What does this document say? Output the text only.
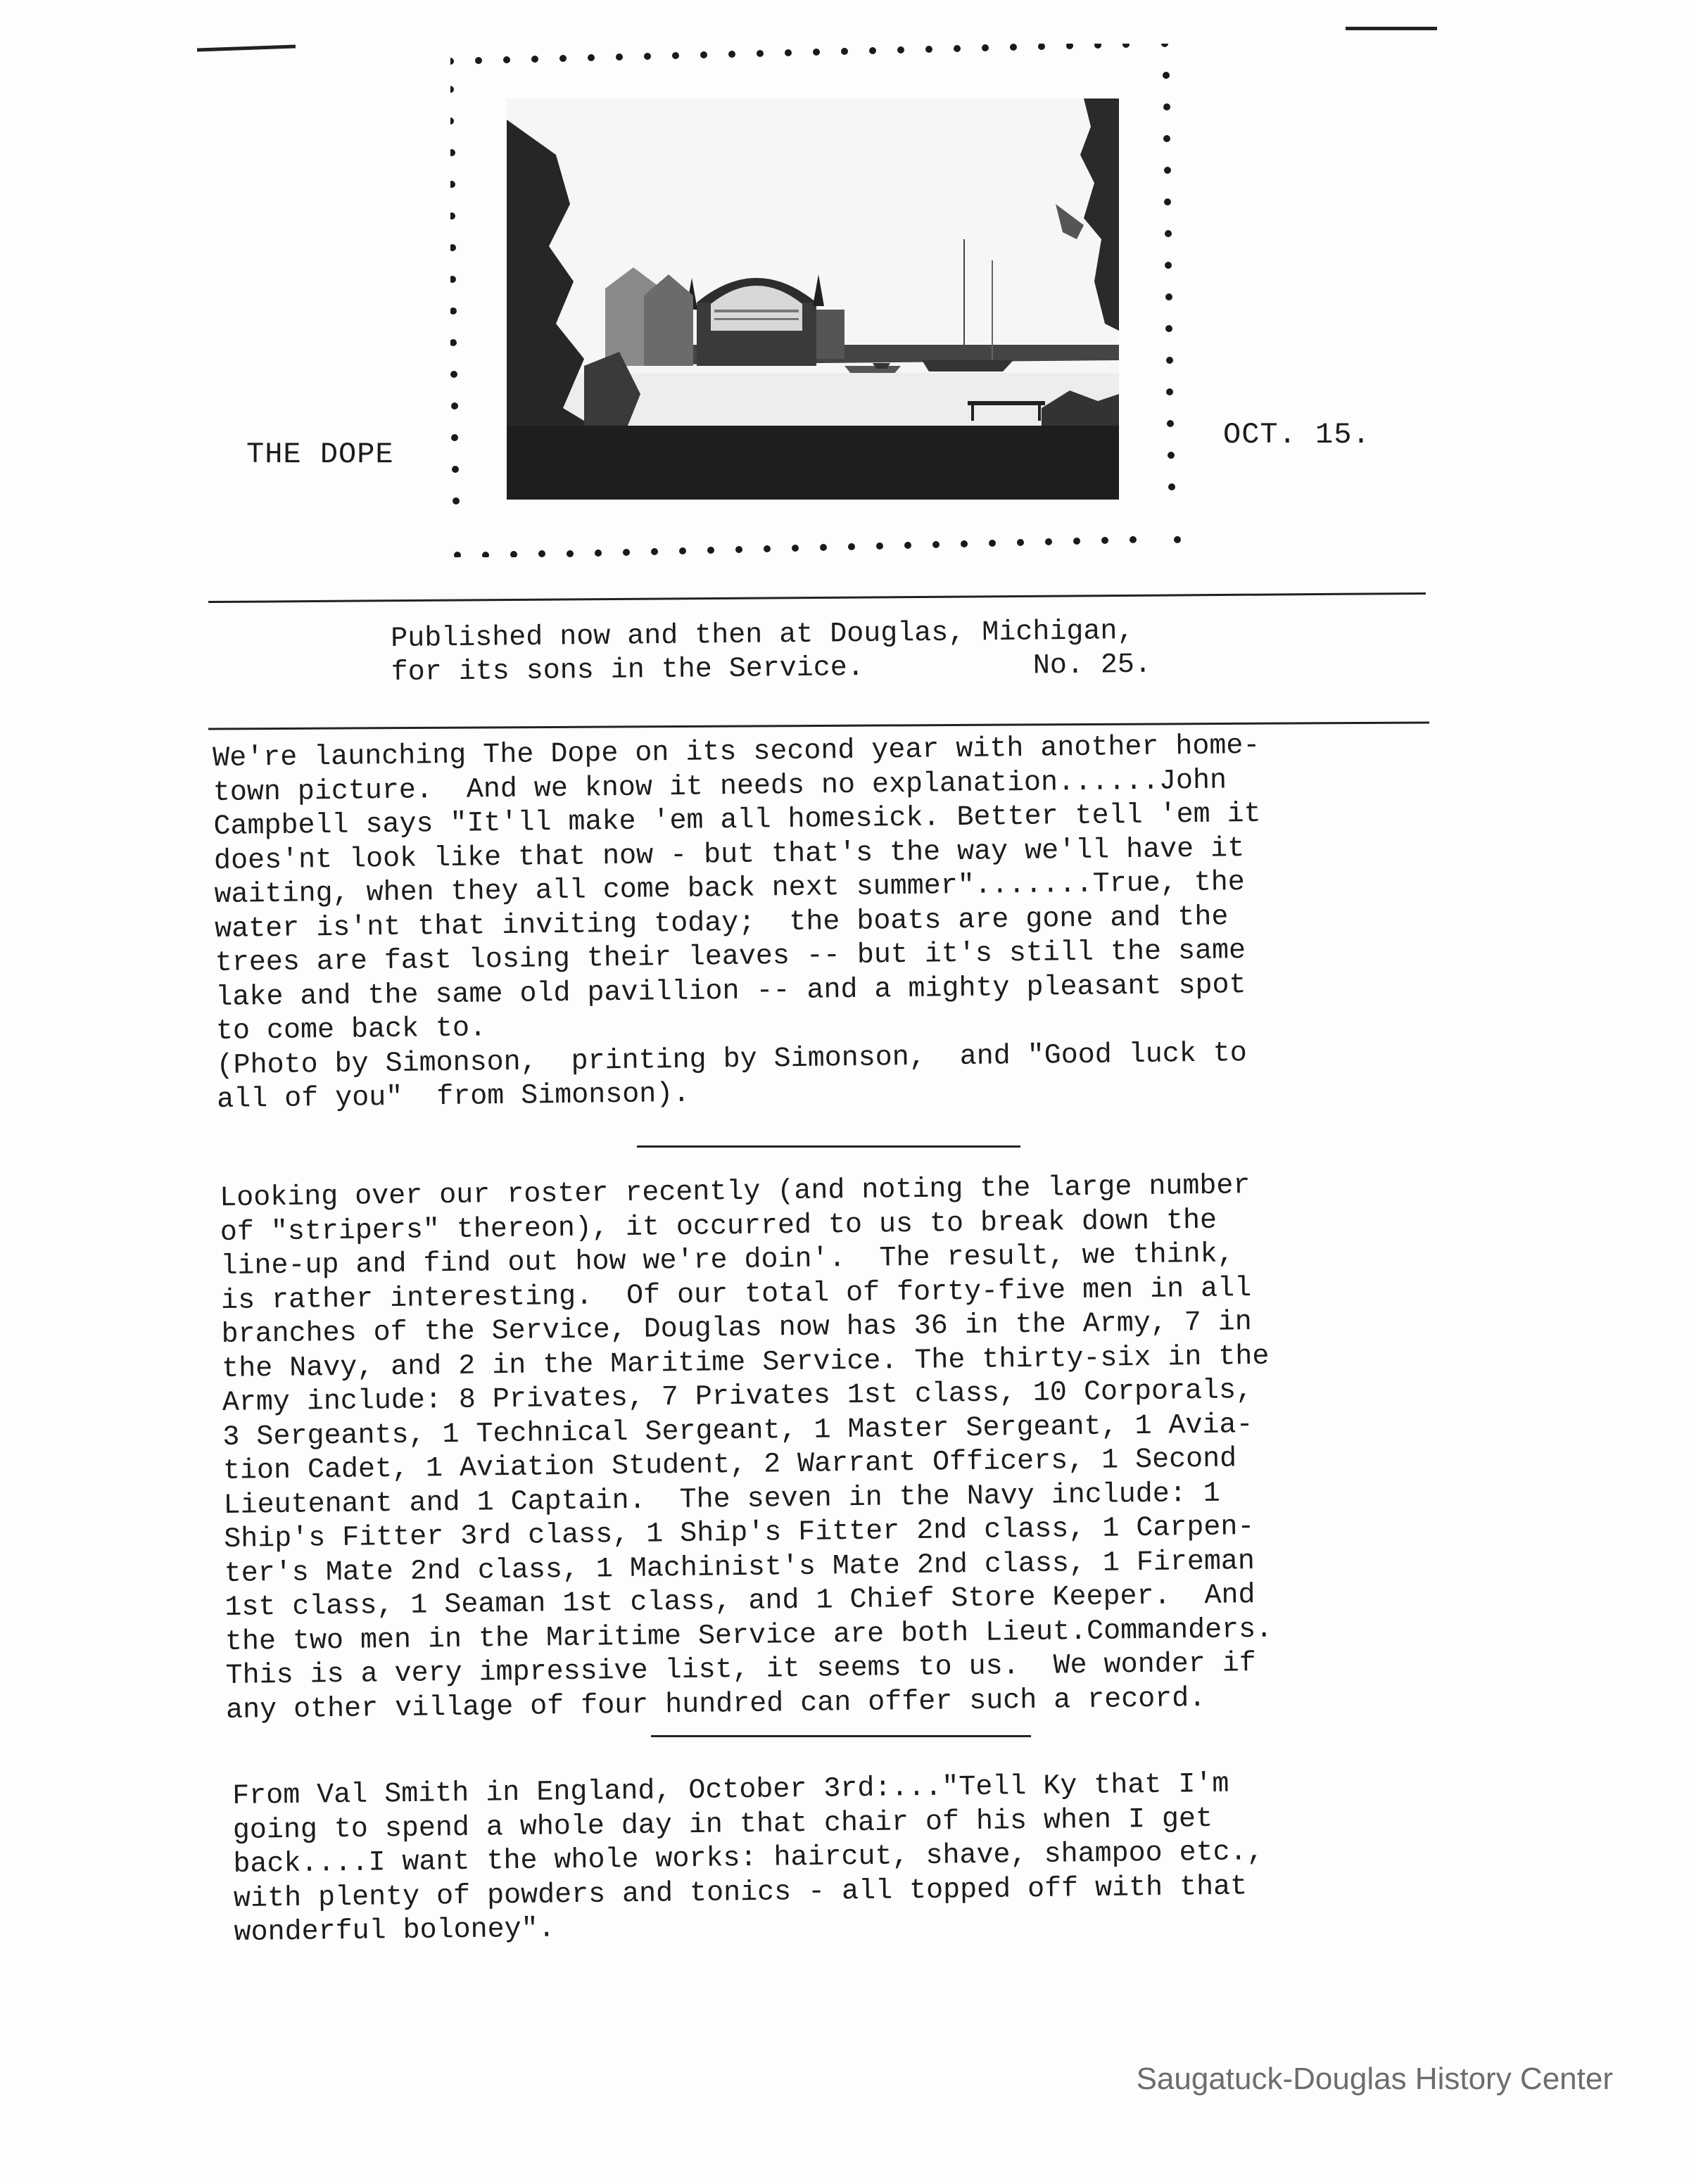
THE DOPE
OCT. 15.
Published now and then at Douglas, Michigan,
for its sons in the Service.	No. 25.
We're launching The Dope on its second year with another home-
town picture.  And we know it needs no explanation......John
Campbell says "It'll make 'em all homesick. Better tell 'em it
does'nt look like that now - but that's the way we'll have it
waiting, when they all come back next summer".......True, the
water is'nt that inviting today;  the boats are gone and the
trees are fast losing their leaves -- but it's still the same
lake and the same old pavillion -- and a mighty pleasant spot
to come back to.
(Photo by Simonson,  printing by Simonson,  and "Good luck to
all of you"  from Simonson).
Looking over our roster recently (and noting the large number
of "stripers" thereon), it occurred to us to break down the
line-up and find out how we're doin'.  The result, we think,
is rather interesting.  Of our total of forty-five men in all
branches of the Service, Douglas now has 36 in the Army, 7 in
the Navy, and 2 in the Maritime Service. The thirty-six in the
Army include: 8 Privates, 7 Privates 1st class, 10 Corporals,
3 Sergeants, 1 Technical Sergeant, 1 Master Sergeant, 1 Avia-
tion Cadet, 1 Aviation Student, 2 Warrant Officers, 1 Second
Lieutenant and 1 Captain.  The seven in the Navy include: 1
Ship's Fitter 3rd class, 1 Ship's Fitter 2nd class, 1 Carpen-
ter's Mate 2nd class, 1 Machinist's Mate 2nd class, 1 Fireman
1st class, 1 Seaman 1st class, and 1 Chief Store Keeper.  And
the two men in the Maritime Service are both Lieut.Commanders.
This is a very impressive list, it seems to us.  We wonder if
any other village of four hundred can offer such a record.
From Val Smith in England, October 3rd:..."Tell Ky that I'm
going to spend a whole day in that chair of his when I get
back....I want the whole works: haircut, shave, shampoo etc.,
with plenty of powders and tonics - all topped off with that
wonderful boloney".
Saugatuck-Douglas History Center
